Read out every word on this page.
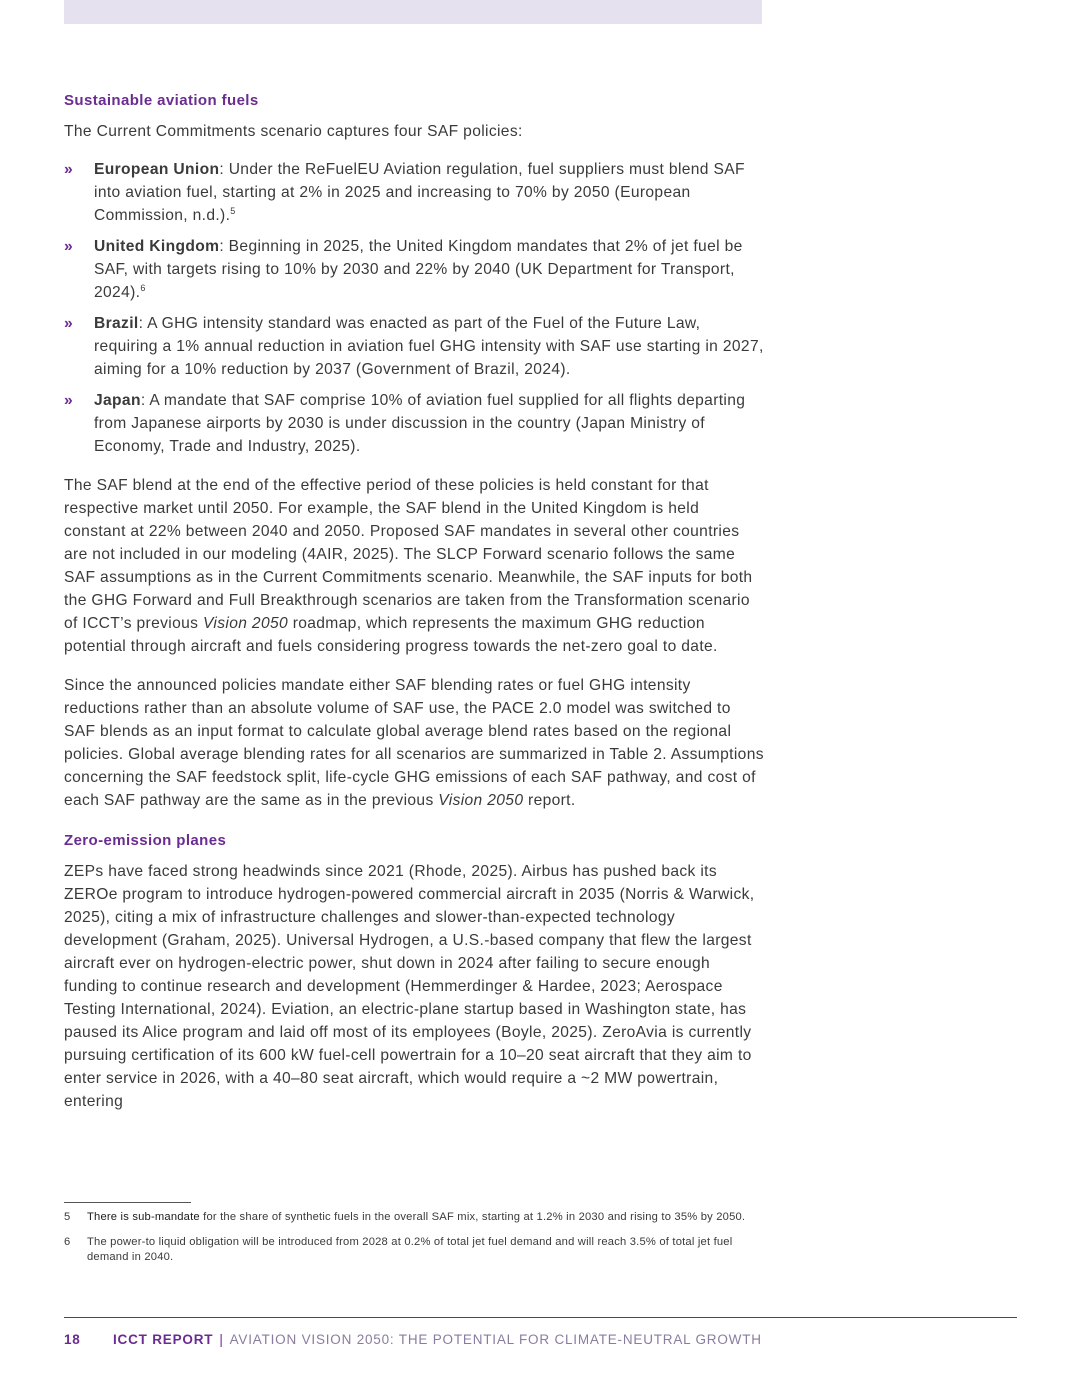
Sustainable aviation fuels

The Current Commitments scenario captures four SAF policies:

» European Union: Under the ReFuelEU Aviation regulation, fuel suppliers must blend SAF into aviation fuel, starting at 2% in 2025 and increasing to 70% by 2050 (European Commission, n.d.).$^5$
» United Kingdom: Beginning in 2025, the United Kingdom mandates that 2% of jet fuel be SAF, with targets rising to 10% by 2030 and 22% by 2040 (UK Department for Transport, 2024).$^6$
» Brazil: A GHG intensity standard was enacted as part of the Fuel of the Future Law, requiring a 1% annual reduction in aviation fuel GHG intensity with SAF use starting in 2027, aiming for a 10% reduction by 2037 (Government of Brazil, 2024).
» Japan: A mandate that SAF comprise 10% of aviation fuel supplied for all flights departing from Japanese airports by 2030 is under discussion in the country (Japan Ministry of Economy, Trade and Industry, 2025).

The SAF blend at the end of the effective period of these policies is held constant for that respective market until 2050. For example, the SAF blend in the United Kingdom is held constant at 22% between 2040 and 2050. Proposed SAF mandates in several other countries are not included in our modeling (4AIR, 2025). The SLCP Forward scenario follows the same SAF assumptions as in the Current Commitments scenario. Meanwhile, the SAF inputs for both the GHG Forward and Full Breakthrough scenarios are taken from the Transformation scenario of ICCT’s previous Vision 2050 roadmap, which represents the maximum GHG reduction potential through aircraft and fuels considering progress towards the net-zero goal to date.

Since the announced policies mandate either SAF blending rates or fuel GHG intensity reductions rather than an absolute volume of SAF use, the PACE 2.0 model was switched to SAF blends as an input format to calculate global average blend rates based on the regional policies. Global average blending rates for all scenarios are summarized in Table 2. Assumptions concerning the SAF feedstock split, life-cycle GHG emissions of each SAF pathway, and cost of each SAF pathway are the same as in the previous Vision 2050 report.

Zero-emission planes

ZEPs have faced strong headwinds since 2021 (Rhode, 2025). Airbus has pushed back its ZEROe program to introduce hydrogen-powered commercial aircraft in 2035 (Norris & Warwick, 2025), citing a mix of infrastructure challenges and slower-than-expected technology development (Graham, 2025). Universal Hydrogen, a U.S.-based company that flew the largest aircraft ever on hydrogen-electric power, shut down in 2024 after failing to secure enough funding to continue research and development (Hemmerdinger & Hardee, 2023; Aerospace Testing International, 2024). Eviation, an electric-plane startup based in Washington state, has paused its Alice program and laid off most of its employees (Boyle, 2025). ZeroAvia is currently pursuing certification of its 600 kW fuel-cell powertrain for a 10–20 seat aircraft that they aim to enter service in 2026, with a 40–80 seat aircraft, which would require a ~2 MW powertrain, entering

5 There is sub-mandate for the share of synthetic fuels in the overall SAF mix, starting at 1.2% in 2030 and rising to 35% by 2050.
6 The power-to liquid obligation will be introduced from 2028 at 0.2% of total jet fuel demand and will reach 3.5% of total jet fuel demand in 2040.
18 ICCT REPORT | AVIATION VISION 2050: THE POTENTIAL FOR CLIMATE-NEUTRAL GROWTH
